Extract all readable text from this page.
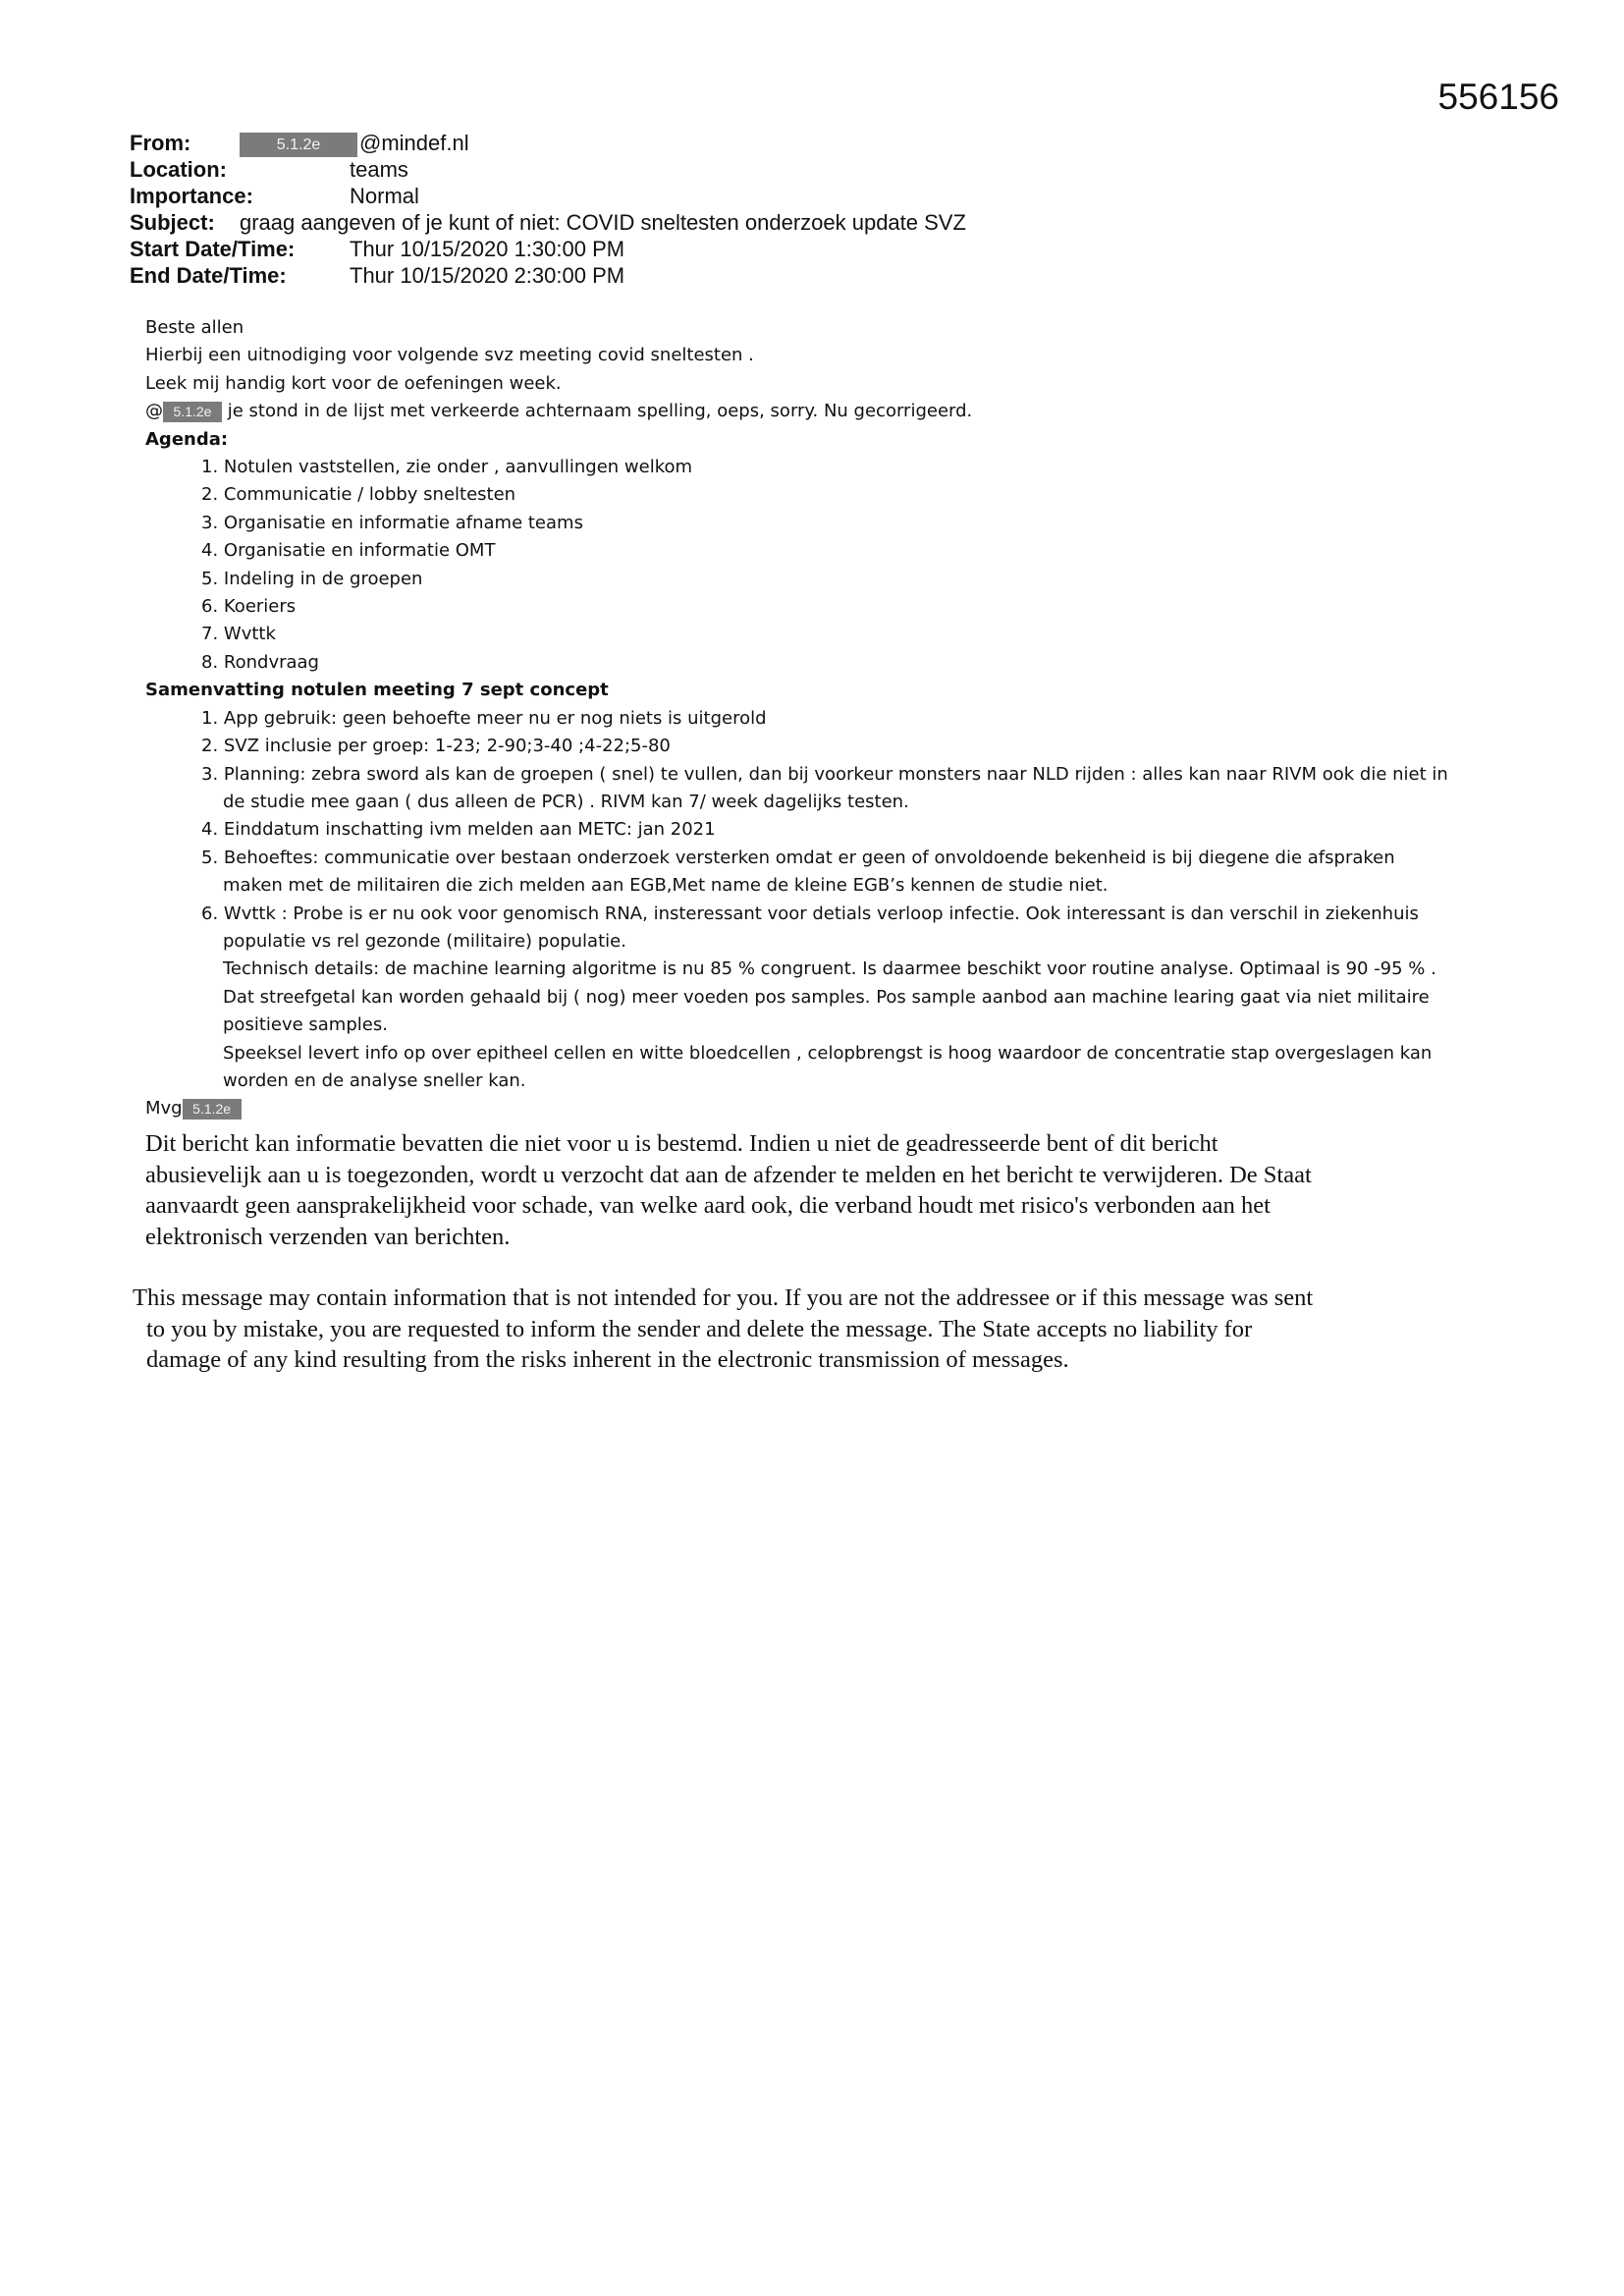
556156
From:	5.1.2e @mindef.nl
Location:	teams
Importance:	Normal
Subject: graag aangeven of je kunt of niet: COVID sneltesten onderzoek update SVZ
Start Date/Time:	Thur 10/15/2020 1:30:00 PM
End Date/Time:	Thur 10/15/2020 2:30:00 PM

Beste allen

Hierbij een uitnodiging voor volgende svz meeting covid sneltesten .

Leek mij handig kort voor de oefeningen week.

@ 5.1.2e je stond in de lijst met verkeerde achternaam spelling, oeps, sorry. Nu gecorrigeerd.

Agenda:

1. Notulen vaststellen, zie onder , aanvullingen welkom
2. Communicatie / lobby sneltesten
3. Organisatie en informatie afname teams
4. Organisatie en informatie OMT
5. Indeling in de groepen
6. Koeriers
7. Wvttk
8. Rondvraag

Samenvatting notulen meeting 7 sept concept

1. App gebruik: geen behoefte meer nu er nog niets is uitgerold
2. SVZ inclusie per groep: 1-23; 2-90;3-40 ;4-22;5-80
3. Planning: zebra sword als kan de groepen ( snel) te vullen, dan bij voorkeur monsters naar NLD rijden : alles kan naar RIVM ook die niet in
de studie mee gaan ( dus alleen de PCR) . RIVM kan 7/ week dagelijks testen.
4. Einddatum inschatting ivm melden aan METC: jan 2021
5. Behoeftes: communicatie over bestaan onderzoek versterken omdat er geen of onvoldoende bekenheid is bij diegene die afspraken
maken met de militairen die zich melden aan EGB,Met name de kleine EGB’s kennen de studie niet.
6. Wvttk : Probe is er nu ook voor genomisch RNA, insteressant voor detials verloop infectie. Ook interessant is dan verschil in ziekenhuis
populatie vs rel gezonde (militaire) populatie.

Technisch details: de machine learning algoritme is nu 85 % congruent. Is daarmee beschikt voor routine analyse. Optimaal is 90 -95 % .

Dat streefgetal kan worden gehaald bij ( nog) meer voeden pos samples. Pos sample aanbod aan machine learing gaat via niet militaire

positieve samples.

Speeksel levert info op over epitheel cellen en witte bloedcellen , celopbrengst is hoog waardoor de concentratie stap overgeslagen kan

worden en de analyse sneller kan.

Mvg 5.1.2e

Dit bericht kan informatie bevatten die niet voor u is bestemd. Indien u niet de geadresseerde bent of dit bericht
abusievelijk aan u is toegezonden, wordt u verzocht dat aan de afzender te melden en het bericht te verwijderen. De Staat
aanvaardt geen aansprakelijkheid voor schade, van welke aard ook, die verband houdt met risico's verbonden aan het
elektronisch verzenden van berichten.
This message may contain information that is not intended for you. If you are not the addressee or if this message was sent
to you by mistake, you are requested to inform the sender and delete the message. The State accepts no liability for
damage of any kind resulting from the risks inherent in the electronic transmission of messages.
